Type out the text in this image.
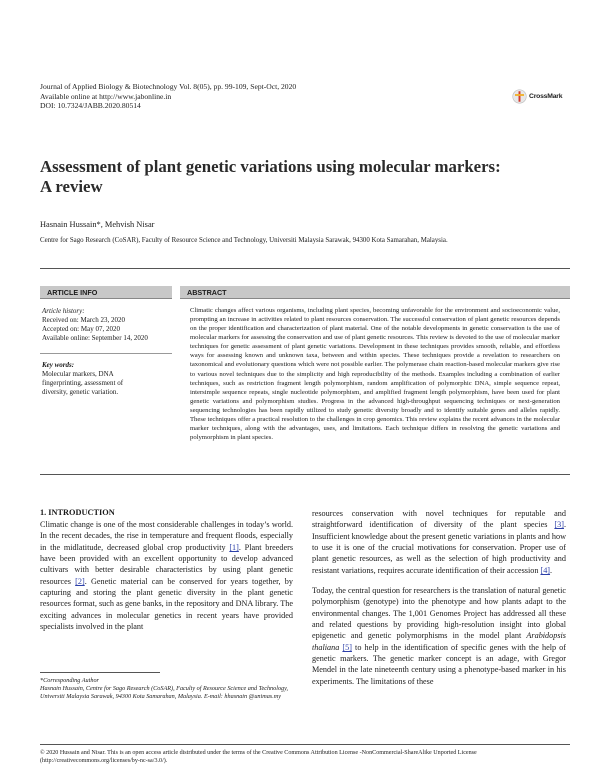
Journal of Applied Biology & Biotechnology Vol. 8(05), pp. 99-109, Sept-Oct, 2020
Available online at http://www.jabonline.in
DOI: 10.7324/JABB.2020.80514
CrossMark
Assessment of plant genetic variations using molecular markers:
A review
Hasnain Hussain*, Mehvish Nisar
Centre for Sago Research (CoSAR), Faculty of Resource Science and Technology, Universiti Malaysia Sarawak, 94300 Kota Samarahan, Malaysia.
ARTICLE INFO
Article history:
Received on: March 23, 2020
Accepted on: May 07, 2020
Available online: September 14, 2020
Key words:
Molecular markers, DNA
fingerprinting, assessment of
diversity, genetic variation.
ABSTRACT
Climatic changes affect various organisms, including plant species, becoming unfavorable for the environment and socioeconomic value, prompting an increase in activities related to plant resources conservation. The successful conservation of plant genetic resources depends on the proper identification and characterization of plant material. One of the notable developments in genetic conservation is the use of molecular markers for assessing the conservation and use of plant genetic resources. This review is devoted to the use of molecular marker techniques for genetic assessment of plant genetic variations. Development in these techniques provides smooth, reliable, and effortless ways for assessing known and unknown taxa, between and within species. These techniques provide a revelation to researchers on taxonomical and evolutionary questions which were not possible earlier. The polymerase chain reaction-based molecular markers give rise to various novel techniques due to the simplicity and high reproducibility of the methods. Examples including a combination of earlier techniques, such as restriction fragment length polymorphism, random amplification of polymorphic DNA, simple sequence repeat, intersimple sequence repeats, single nucleotide polymorphism, and amplified fragment length polymorphism, have been used for plant genetic variations and polymorphism studies. Progress in the advanced high-throughput sequencing techniques or next-generation sequencing technologies has been rapidly utilized to study genetic diversity broadly and to identify suitable genes and alleles rapidly. These techniques offer a practical resolution to the challenges in crop genomics. This review explains the recent advances in the molecular marker techniques, along with the advantages, uses, and limitations. Each technique differs in resolving the genetic variations and polymorphism in plant species.
1. INTRODUCTION

Climatic change is one of the most considerable challenges in today’s world. In the recent decades, the rise in temperature and frequent floods, especially in the midlatitude, decreased global crop productivity [1]. Plant breeders have been provided with an excellent opportunity to develop advanced cultivars with better desirable characteristics by using plant genetic resources [2]. Genetic material can be conserved for years together, by capturing and storing the plant genetic diversity in the plant genetic resources format, such as gene banks, in the repository and DNA library. The exciting advances in molecular genetics in recent years have provided specialists involved in the plant

resources conservation with novel techniques for reputable and straightforward identification of diversity of the plant species [3]. Insufficient knowledge about the present genetic variations in plants and how to use it is one of the crucial motivations for conservation. Proper use of plant genetic resources, as well as the selection of high productivity and resistant variations, requires accurate identification of their accession [4].

Today, the central question for researchers is the translation of natural genetic polymorphism (genotype) into the phenotype and how plants adapt to the environmental changes. The 1,001 Genomes Project has addressed all these and related questions by providing high-resolution insight into global epigenetic and genetic polymorphisms in the model plant Arabidopsis thaliana [5] to help in the identification of specific genes with the help of genetic markers. The genetic marker concept is an adage, with Gregor Mendel in the late nineteenth century using a phenotype-based marker in his experiments. The limitations of these

*Corresponding Author
Hasnain Hussain, Centre for Sago Research (CoSAR), Faculty of Resource Science and Technology, Universiti Malaysia Sarawak, 94300 Kota Samarahan, Malaysia. E-mail: hhasnain @unimas.my
© 2020 Hussain and Nisar. This is an open access article distributed under the terms of the Creative Commons Attribution License -NonCommercial-ShareAlike Unported License (http://creativecommons.org/licenses/by-nc-sa/3.0/).
